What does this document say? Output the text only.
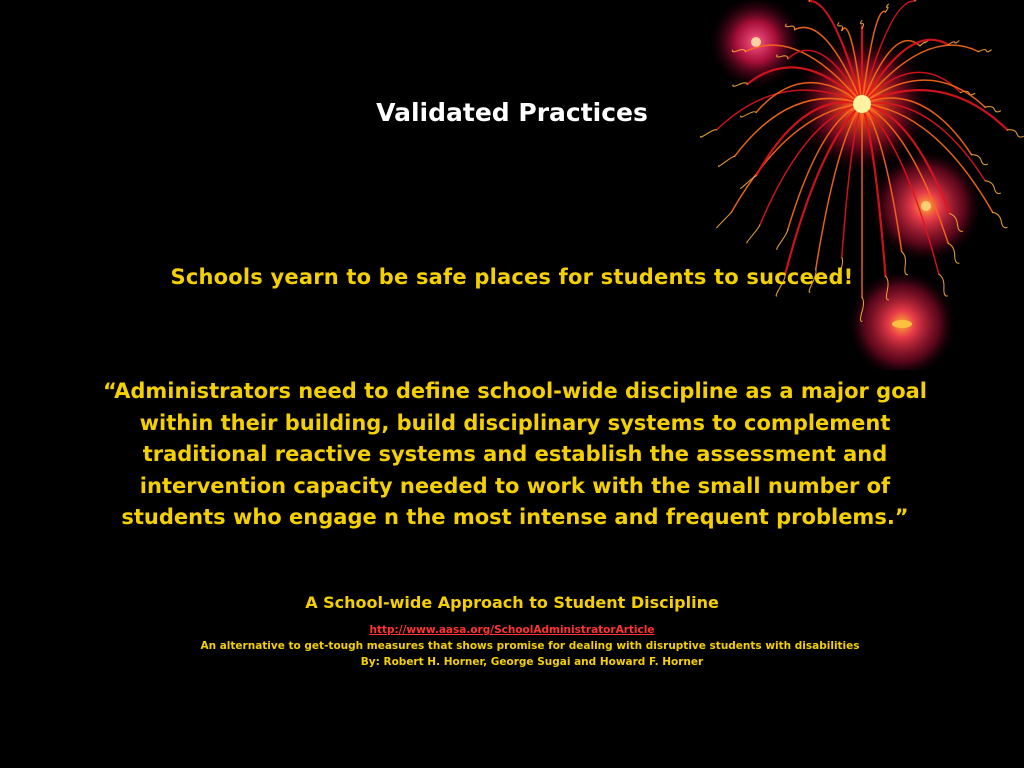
Validated Practices
Schools yearn to be safe places for students to succeed!
“Administrators need to define school-wide discipline as a major goal within their building, build disciplinary systems to complement traditional reactive systems and establish the assessment and intervention capacity needed to work with the small number of students who engage n the most intense and frequent problems.”
A School-wide Approach to Student Discipline
http://www.aasa.org/SchoolAdministratorArticle
An alternative to get-tough measures that shows promise for dealing with disruptive students with disabilities
By: Robert H. Horner, George Sugai and Howard F. Horner
